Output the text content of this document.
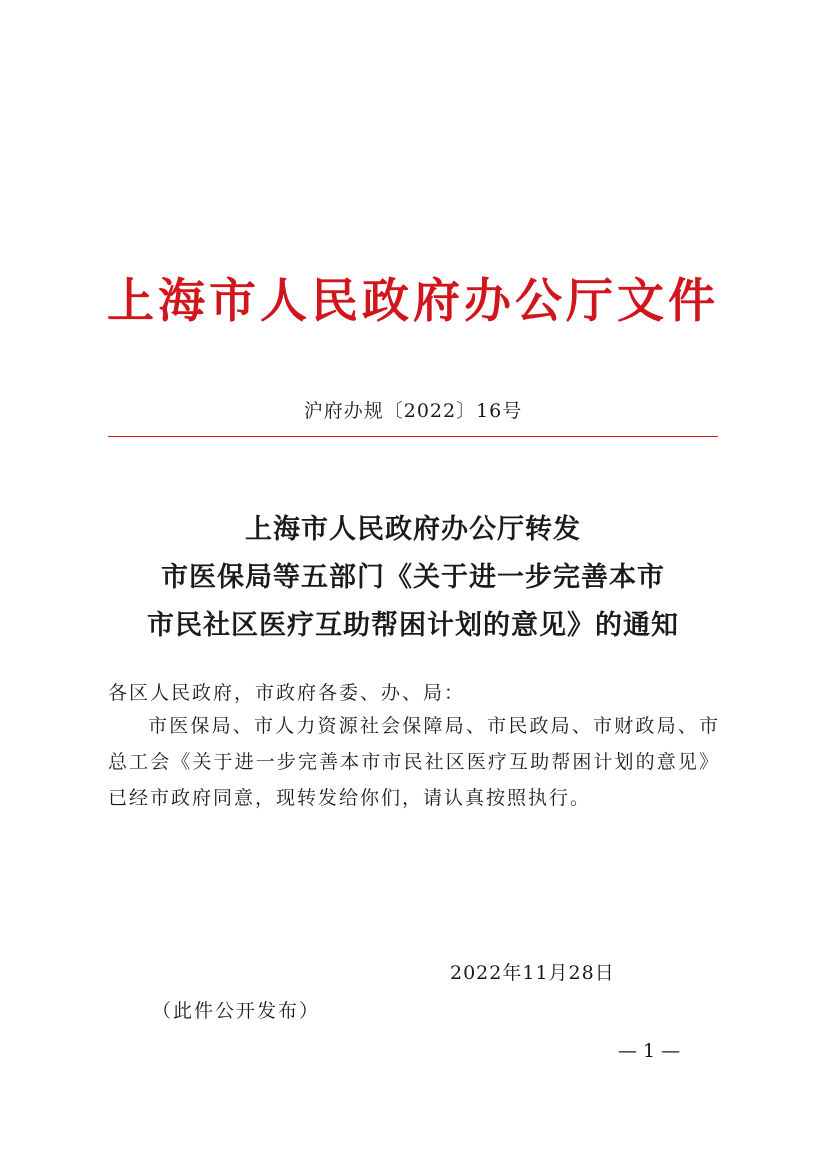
上海市人民政府办公厅文件
沪府办规〔2022〕16号
上海市人民政府办公厅转发
市医保局等五部门《关于进一步完善本市
市民社区医疗互助帮困计划的意见》的通知
各区人民政府，市政府各委、办、局：
市医保局、市人力资源社会保障局、市民政局、市财政局、市总工会《关于进一步完善本市市民社区医疗互助帮困计划的意见》已经市政府同意，现转发给你们，请认真按照执行。
2022年11月28日
（此件公开发布）
— 1 —
